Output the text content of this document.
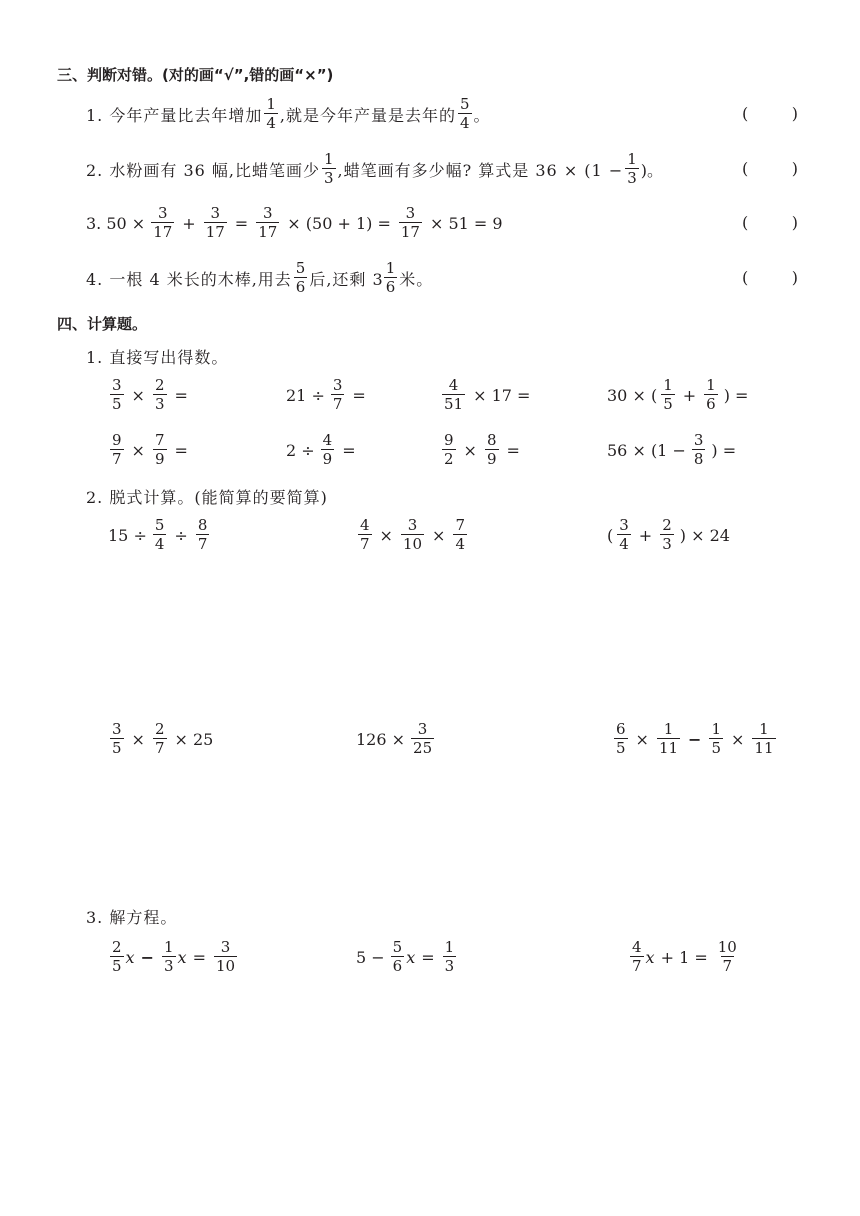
三、判断对错。(对的画“√”,错的画“×”)
1. 今年产量比去年增加 $\frac{1}{4}$ ,就是今年产量是去年的 $\frac{5}{4}$ 。	(	)
2. 水粉画有 36 幅,比蜡笔画少 $\frac{1}{3}$ ,蜡笔画有多少幅? 算式是 $36 \times (1 - \frac{1}{3}$ )。	(	)
3. $50 \times \frac{3}{17} + \frac{3}{17} = \frac{3}{17} \times (50 + 1) = \frac{3}{17} \times 51 = 9$	(	)
4. 一根 4 米长的木棒,用去 $\frac{5}{6}$ 后,还剩 $3 \frac{1}{6}$ 米。	(	)
四、计算题。
1. 直接写出得数。
$\frac{3}{5} \times \frac{2}{3}$ =	$21 \div \frac{3}{7}$ =	$\frac{4}{51} \times 17$ =	30 × ( $\frac{1}{5} + \frac{1}{6}$ ) =
$\frac{9}{7} \times \frac{7}{9}$ =	$2 \div \frac{4}{9}$ =	$\frac{9}{2} \times \frac{8}{9}$ =	$56 \times (1 - \frac{3}{8}$ ) =
2. 脱式计算。(能简算的要简算)
$15 \div \frac{5}{4} \div \frac{8}{7}$	$\frac{4}{7} \times \frac{3}{10} \times \frac{7}{4}$	( $\frac{3}{4} + \frac{2}{3}$ ) × 24
$\frac{3}{5} \times \frac{2}{7} \times 25$	$126 \times \frac{3}{25}$	$\frac{6}{5} \times \frac{1}{11} - \frac{1}{5} \times \frac{1}{11}$
3. 解方程。
$\frac{2}{5}$ $x - \frac{1}{3}$ $x = \frac{3}{10}$	$5 - \frac{5}{6}$ $x = \frac{1}{3}$	$\frac{4}{7}$ $x + 1 = \frac{10}{7}$
